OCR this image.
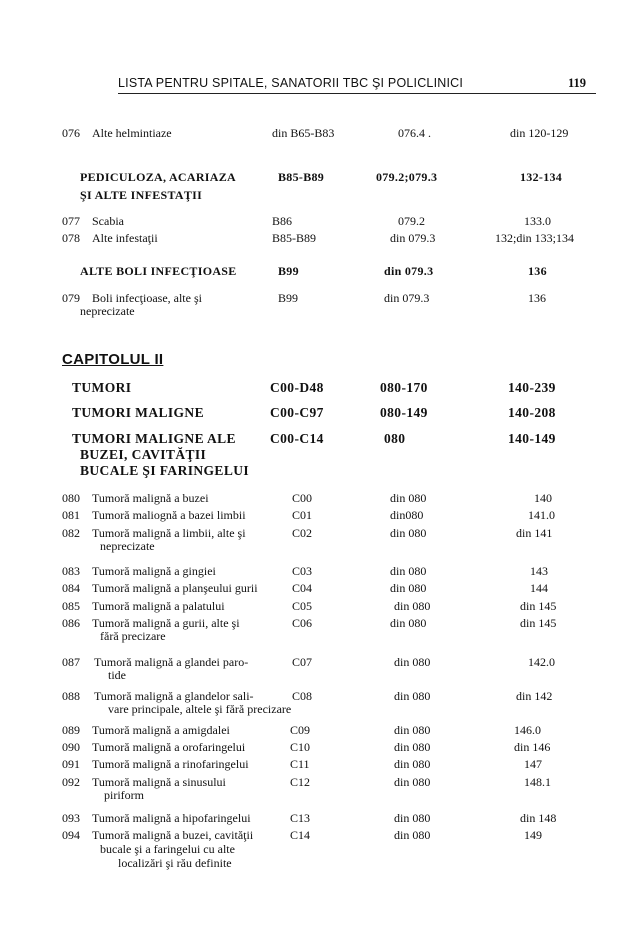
LISTA PENTRU SPITALE, SANATORII TBC ŞI POLICLINICI	119
076 Alte helmintiaze	din B65-B83	076.4 .	din 120-129
PEDICULOZA, ACARIAZA
ŞI ALTE INFESTAŢII
B85-B89	079.2;079.3	132-134
077 Scabia	B86	079.2	133.0
078 Alte infestaţii	B85-B89	din 079.3	132;din 133;134
ALTE BOLI INFECŢIOASE	B99	din 079.3	136
079 Boli infecţioase, alte şi
neprecizate
B99	din 079.3	136
CAPITOLUL II
TUMORI	C00-D48	080-170	140-239
TUMORI MALIGNE	C00-C97	080-149	140-208
TUMORI MALIGNE ALE
BUZEI, CAVITĂŢII
BUCALE ŞI FARINGELUI
C00-C14	080	140-149
080 Tumoră malignă a buzei	C00	din 080	140
081 Tumoră maliognă a bazei limbii	C01	din080	141.0
082 Tumoră malignă a limbii, alte şi
neprecizate
C02	din 080	din 141
083 Tumoră malignă a gingiei	C03	din 080	143
084 Tumoră malignă a planşeului gurii	C04	din 080	144
085 Tumoră malignă a palatului	C05	din 080	din 145
086 Tumoră malignă a gurii, alte şi
fără precizare
C06	din 080	din 145
087 Tumoră malignă a glandei paro-
tide
C07	din 080	142.0
088 Tumoră malignă a glandelor sali-
vare principale, altele şi fără precizare
C08	din 080	din 142
089 Tumoră malignă a amigdalei	C09	din 080	146.0
090 Tumoră malignă a orofaringelui	C10	din 080	din 146
091 Tumoră malignă a rinofaringelui	C11	din 080	147
092 Tumoră malignă a sinusului
piriform
C12	din 080	148.1
093 Tumoră malignă a hipofaringelui	C13	din 080	din 148
094 Tumoră malignă a buzei, cavităţii
bucale şi a faringelui cu alte
localizări şi rău definite
C14	din 080	149
